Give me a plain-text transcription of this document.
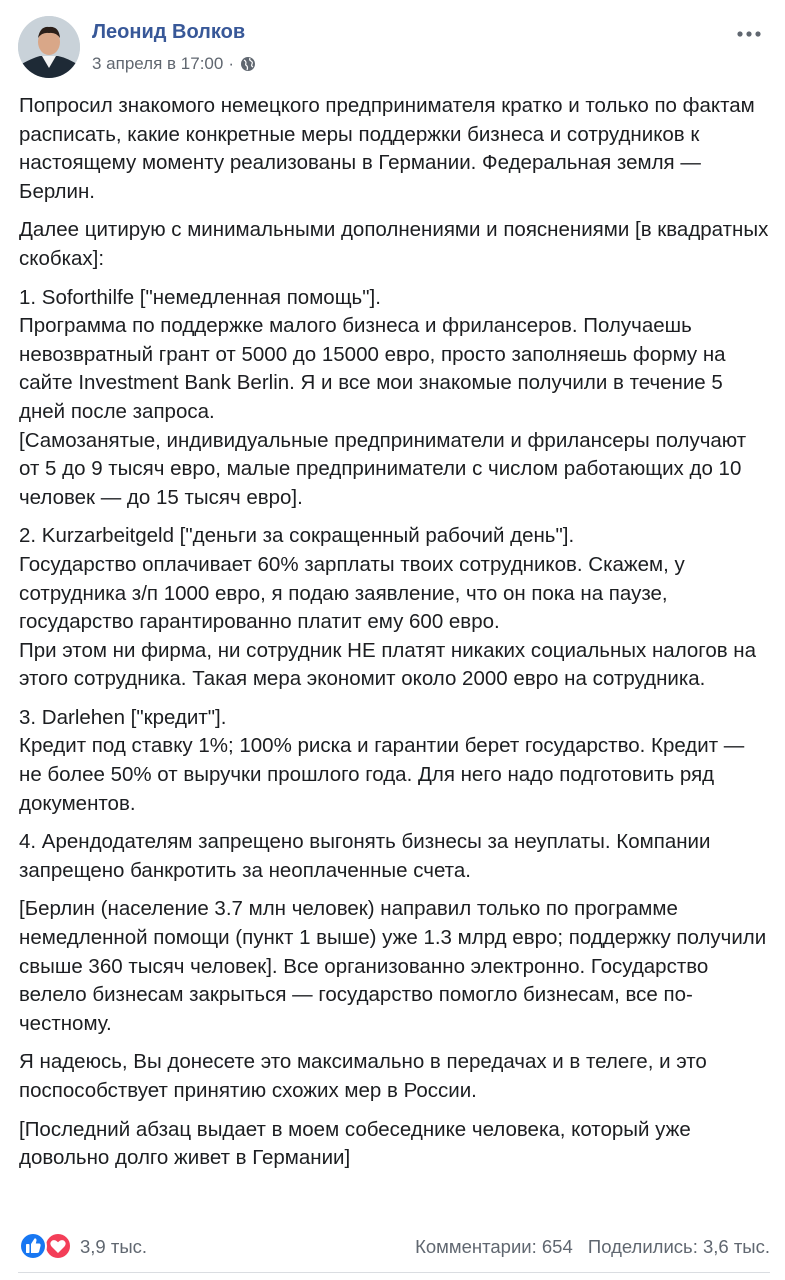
Леонид Волков
3 апреля в 17:00 ·

Попросил знакомого немецкого предпринимателя кратко и только по фактам расписать, какие конкретные меры поддержки бизнеса и сотрудников к настоящему моменту реализованы в Германии. Федеральная земля — Берлин.

Далее цитирую с минимальными дополнениями и пояснениями [в квадратных скобках]:

1. Soforthilfe ["немедленная помощь"].
Программа по поддержке малого бизнеса и фрилансеров. Получаешь невозвратный грант от 5000 до 15000 евро, просто заполняешь форму на сайте Investment Bank Berlin. Я и все мои знакомые получили в течение 5 дней после запроса.
[Самозанятые, индивидуальные предприниматели и фрилансеры получают от 5 до 9 тысяч евро, малые предприниматели с числом работающих до 10 человек — до 15 тысяч евро].

2. Kurzarbeitgeld ["деньги за сокращенный рабочий день"].
Государство оплачивает 60% зарплаты твоих сотрудников. Скажем, у сотрудника з/п 1000 евро, я подаю заявление, что он пока на паузе, государство гарантированно платит ему 600 евро.
При этом ни фирма, ни сотрудник НЕ платят никаких социальных налогов на этого сотрудника. Такая мера экономит около 2000 евро на сотрудника.

3. Darlehen ["кредит"].
Кредит под ставку 1%; 100% риска и гарантии берет государство. Кредит — не более 50% от выручки прошлого года. Для него надо подготовить ряд документов.

4. Арендодателям запрещено выгонять бизнесы за неуплаты. Компании запрещено банкротить за неоплаченные счета.

[Берлин (население 3.7 млн человек) направил только по программе немедленной помощи (пункт 1 выше) уже 1.3 млрд евро; поддержку получили свыше 360 тысяч человек]. Все организованно электронно. Государство велело бизнесам закрыться — государство помогло бизнесам, все по-честному.

Я надеюсь, Вы донесете это максимально в передачах и в телеге, и это поспособствует принятию схожих мер в России.

[Последний абзац выдает в моем собеседнике человека, который уже довольно долго живет в Германии]

3,9 тыс.	Комментарии: 654 Поделились: 3,6 тыс.
